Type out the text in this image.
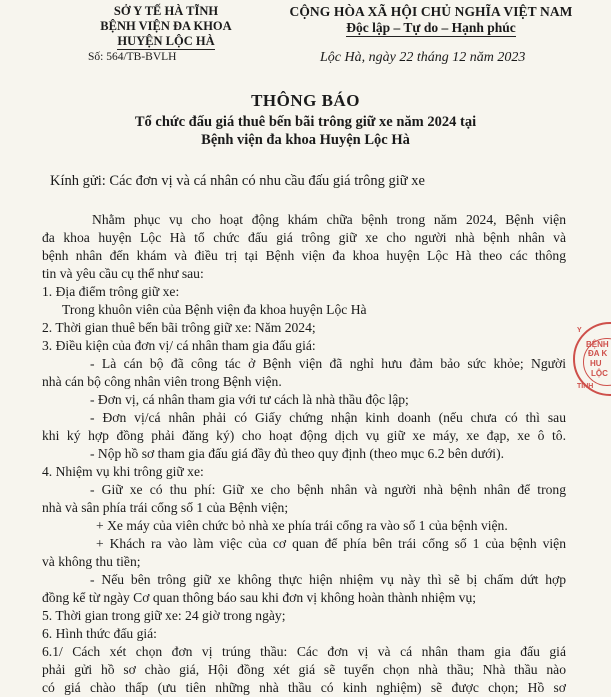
SỞ Y TẾ HÀ TĨNH
BỆNH VIỆN ĐA KHOA
HUYỆN LỘC HÀ
Số: 564/TB-BVLH
CỘNG HÒA XÃ HỘI CHỦ NGHĨA VIỆT NAM
Độc lập – Tự do – Hạnh phúc
Lộc Hà, ngày 22 tháng 12 năm 2023
THÔNG BÁO
Tổ chức đấu giá thuê bến bãi trông giữ xe năm 2024 tại
Bệnh viện đa khoa Huyện Lộc Hà
Kính gửi: Các đơn vị và cá nhân có nhu cầu đấu giá trông giữ xe

Nhằm phục vụ cho hoạt động khám chữa bệnh trong năm 2024, Bệnh viện

đa khoa huyện Lộc Hà tổ chức đấu giá trông giữ xe cho người nhà bệnh nhân và

bệnh nhân đến khám và điều trị tại Bệnh viện đa khoa huyện Lộc Hà theo các thông

tin và yêu cầu cụ thể như sau:

1. Địa điểm trông giữ xe:

Trong khuôn viên của Bệnh viện đa khoa huyện Lộc Hà

2. Thời gian thuê bến bãi trông giữ xe: Năm 2024;

3. Điều kiện của đơn vị/ cá nhân tham gia đấu giá:

- Là cán bộ đã công tác ở Bệnh viện đã nghỉ hưu đảm bảo sức khỏe; Người

nhà cán bộ công nhân viên trong Bệnh viện.

- Đơn vị, cá nhân tham gia với tư cách là nhà thầu độc lập;

- Đơn vị/cá nhân phải có Giấy chứng nhận kinh doanh (nếu chưa có thì sau

khi ký hợp đồng phải đăng ký) cho hoạt động dịch vụ giữ xe máy, xe đạp, xe ô tô.

- Nộp hồ sơ tham gia đấu giá đầy đủ theo quy định (theo mục 6.2 bên dưới).

4. Nhiệm vụ khi trông giữ xe:

- Giữ xe có thu phí: Giữ xe cho bệnh nhân và người nhà bệnh nhân để trong

nhà và sân phía trái cổng số 1 của Bệnh viện;

+ Xe máy của viên chức bỏ nhà xe phía trái cổng ra vào số 1 của bệnh viện.

+ Khách ra vào làm việc của cơ quan để phía bên trái cổng số 1 của bệnh viện

và không thu tiền;

- Nếu bên trông giữ xe không thực hiện nhiệm vụ này thì sẽ bị chấm dứt hợp

đồng kể từ ngày Cơ quan thông báo sau khi đơn vị không hoàn thành nhiệm vụ;

5. Thời gian trong giữ xe: 24 giờ trong ngày;

6. Hình thức đấu giá:

6.1/ Cách xét chọn đơn vị trúng thầu: Các đơn vị và cá nhân tham gia đấu giá

phải gửi hồ sơ chào giá, Hội đồng xét giá sẽ tuyển chọn nhà thầu; Nhà thầu nào

có giá chào thấp (ưu tiên những nhà thầu có kinh nghiệm) sẽ được chọn; Hồ sơ

Y
BỆNH
ĐA K
HU
LỘC
TỈNH
